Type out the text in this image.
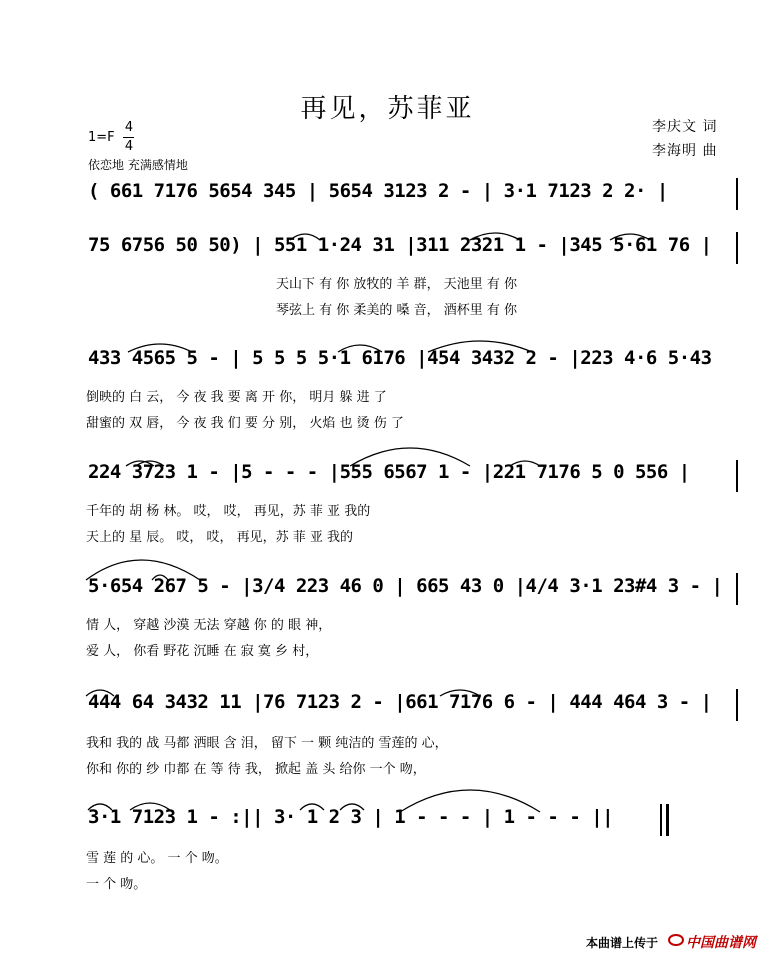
再见，苏菲亚
李庆文 词
李海明 曲
1=F
4
4
依恋地 充满感情地
( 661 7176 5654 345 | 5654 3123 2 - | 3·1 7123 2 2· |
75 6756 50 50) | 551 1·24 31 |311 2321 1 - |345 5·61 76 |
天山下 有 你 放牧的 羊 群， 天池里 有 你
琴弦上 有 你 柔美的 嗓 音， 酒杯里 有 你
433 4565 5 - | 5 5 5 5·1 6176 |454 3432 2 - |223 4·6 5·43
倒映的 白 云， 今 夜 我 要 离 开 你， 明月 躲 进 了
甜蜜的 双 唇， 今 夜 我 们 要 分 别， 火焰 也 烫 伤 了
224 3723 1 - |5 - - - |555 6567 1 - |221 7176 5 0 556 |
千年的 胡 杨 林。 哎， 哎， 再见，苏 菲 亚 我的
天上的 星 辰。 哎， 哎， 再见，苏 菲 亚 我的
5·654 267 5 - |3/4 223 46 0 | 665 43 0 |4/4 3·1 23#4 3 - |
情 人， 穿越 沙漠 无法 穿越 你 的 眼 神，
爱 人， 你看 野花 沉睡 在 寂 寞 乡 村，
444 64 3432 11 |76 7123 2 - |661 7176 6 - | 444 464 3 - |
我和 我的 战 马都 洒眼 含 泪， 留下 一 颗 纯洁的 雪莲的 心，
你和 你的 纱 巾都 在 等 待 我， 掀起 盖 头 给你 一个 吻，
3·1 7123 1 - :|| 3· 1 2 3 | 1 - - - | 1 - - - ||
雪 莲 的 心。 一 个 吻。
一 个 吻。
本曲谱上传于 中国曲谱网
